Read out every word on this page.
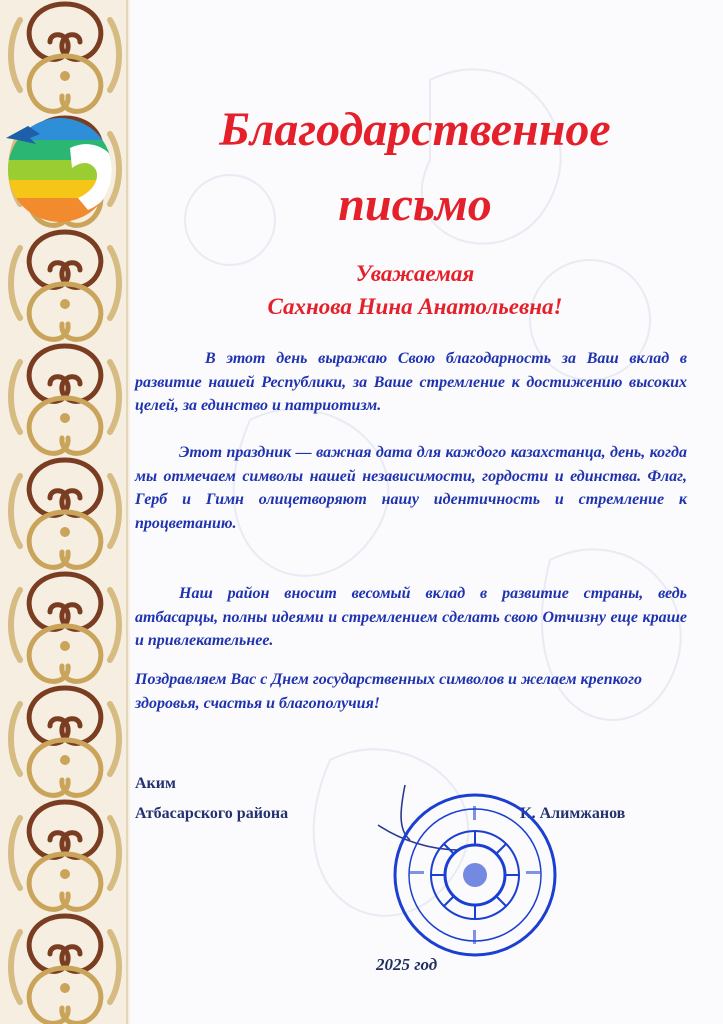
Благодарственное
письмо
Уважаемая
Сахнова Нина Анатольевна!

В этот день выражаю Свою благодарность за Ваш вклад в развитие нашей Республики, за Ваше стремление к достижению высоких целей, за единство и патриотизм.

Этот праздник — важная дата для каждого казахстанца, день, когда мы отмечаем символы нашей независимости, гордости и единства. Флаг, Герб и Гимн олицетворяют нашу идентичность и стремление к процветанию.

Наш район вносит весомый вклад в развитие страны, ведь атбасарцы, полны идеями и стремлением сделать свою Отчизну еще краше и привлекательнее.

Поздравляем Вас с Днем государственных символов и желаем крепкого здоровья, счастья и благополучия!

Аким
Атбасарского района	К. Алимжанов
2025 год
